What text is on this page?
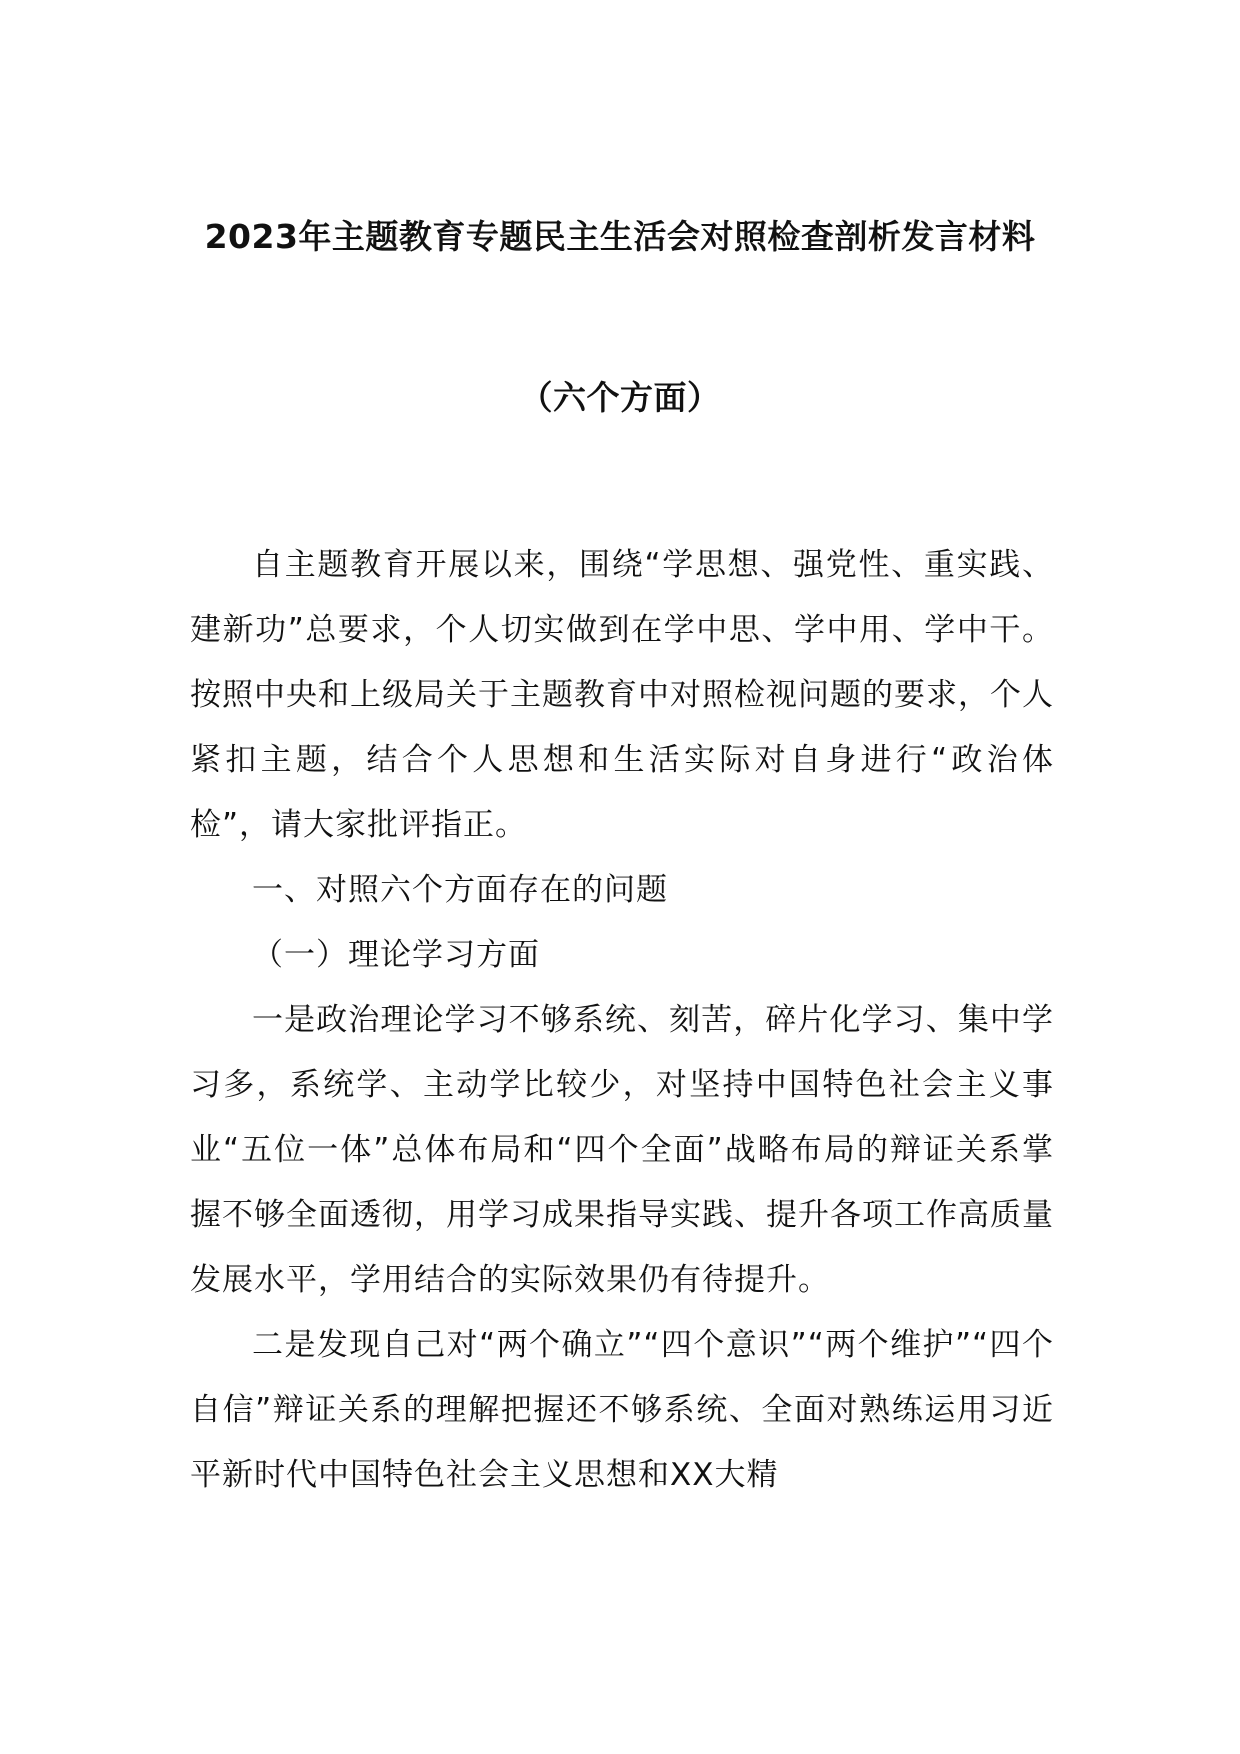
2023年主题教育专题民主生活会对照检查剖析发言材料
（六个方面）

自主题教育开展以来，围绕“学思想、强党性、重实践、建新功”总要求，个人切实做到在学中思、学中用、学中干。按照中央和上级局关于主题教育中对照检视问题的要求，个人紧扣主题，结合个人思想和生活实际对自身进行“政治体检”，请大家批评指正。

一、对照六个方面存在的问题

（一）理论学习方面

一是政治理论学习不够系统、刻苦，碎片化学习、集中学习多，系统学、主动学比较少，对坚持中国特色社会主义事业“五位一体”总体布局和“四个全面”战略布局的辩证关系掌握不够全面透彻，用学习成果指导实践、提升各项工作高质量发展水平，学用结合的实际效果仍有待提升。

二是发现自己对“两个确立”“四个意识”“两个维护”“四个自信”辩证关系的理解把握还不够系统、全面对熟练运用习近平新时代中国特色社会主义思想和XX大精
